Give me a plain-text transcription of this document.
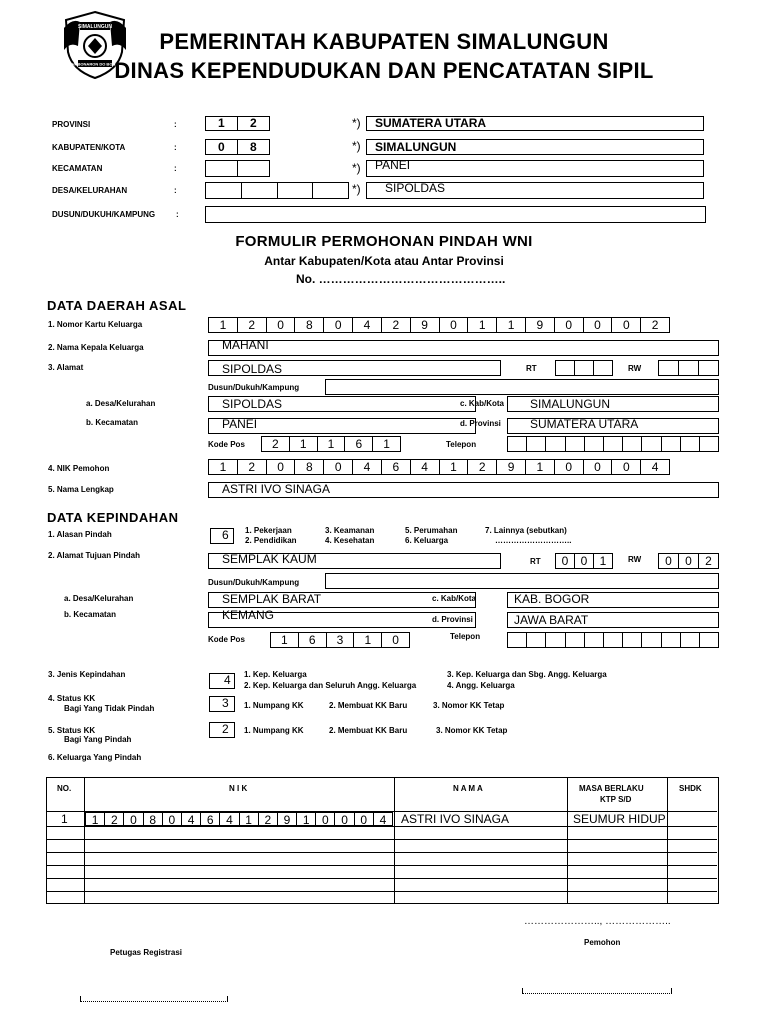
SIMALUNGUN
HABONARON DO BONA
PEMERINTAH KABUPATEN SIMALUNGUN
DINAS KEPENDUDUKAN DAN PENCATATAN SIPIL
PROVINSI	:	1 2	*) SUMATERA UTARA
KABUPATEN/KOTA	:	0 8	*) SIMALUNGUN
KECAMATAN	:	*) PANEI
DESA/KELURAHAN	:	*) SIPOLDAS
DUSUN/DUKUH/KAMPUNG	:
FORMULIR PERMOHONAN PINDAH WNI
Antar Kabupaten/Kota atau Antar Provinsi
No. ………………………………………..
DATA DAERAH ASAL
1. Nomor Kartu Keluarga	1	2	0	8	0	4	2	9	0	1	1	9	0	0	0	2
2. Nama Kepala Keluarga	MAHANI
3. Alamat	SIPOLDAS	RT	RW
Dusun/Dukuh/Kampung
a. Desa/Kelurahan	SIPOLDAS	c. Kab/Kota SIMALUNGUN
b. Kecamatan	PANEI	d. Provinsi SUMATERA UTARA
Kode Pos	2	1	1	6	1	Telepon
4. NIK Pemohon	1	2	0	8	0	4	6	4	1	2	9	1	0	0	0	4
5. Nama Lengkap	ASTRI IVO SINAGA
DATA KEPINDAHAN
1. Alasan Pindah	6 1. Pekerjaan
2. Pendidikan
3. Keamanan
4. Kesehatan
5. Perumahan
6. Keluarga
7. Lainnya (sebutkan)
………………………..
2. Alamat Tujuan Pindah	SEMPLAK KAUM	RT	0	0	1	RW	0	0	2
Dusun/Dukuh/Kampung
a. Desa/Kelurahan	SEMPLAK BARAT	c. Kab/Kota	KAB. BOGOR
b. Kecamatan	KEMANG	d. Provinsi	JAWA BARAT
Kode Pos	1	6	3	1	0	Telepon
3. Jenis Kepindahan	4 1. Kep. Keluarga
2. Kep. Keluarga dan Seluruh Angg. Keluarga
3. Kep. Keluarga dan Sbg. Angg. Keluarga
4. Angg. Keluarga
4. Status KK
Bagi Yang Tidak Pindah	3 1. Numpang KK	2. Membuat KK Baru	3. Nomor KK Tetap
5. Status KK
Bagi Yang Pindah
2 1. Numpang KK	2. Membuat KK Baru	3. Nomor KK Tetap
6. Keluarga Yang Pindah
NO.	N I K	N A M A	MASA BERLAKU
KTP S/D
SHDK
1	1	2	0	8	0	4	6	4	1	2	9	1	0	0	0	4	ASTRI IVO SINAGA	SEUMUR HIDUP
………………….., ………………..
Pemohon
Petugas Registrasi
